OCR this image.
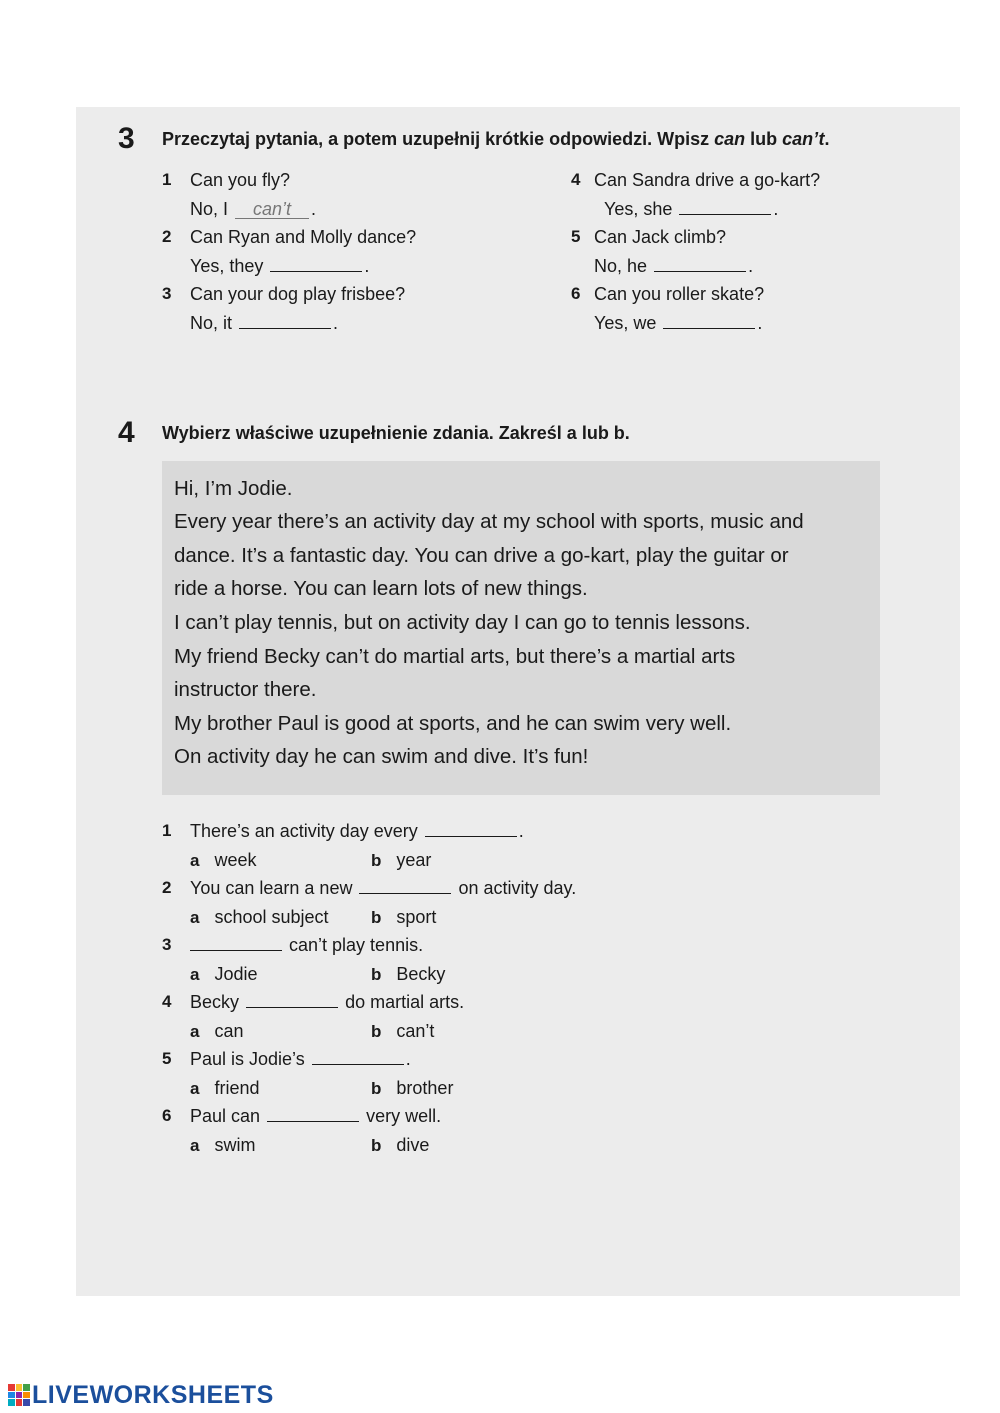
3 Przeczytaj pytania, a potem uzupełnij krótkie odpowiedzi. Wpisz can lub can’t.
1 Can you fly?
No, I can’t .
2 Can Ryan and Molly dance?
Yes, they	.
3 Can your dog play frisbee?
No, it	.
4 Can Sandra drive a go-kart?
Yes, she	.
5 Can Jack climb?
No, he	.
6 Can you roller skate?
Yes, we	.
4 Wybierz właściwe uzupełnienie zdania. Zakreśl a lub b.

Hi, I’m Jodie.

Every year there’s an activity day at my school with sports, music and

dance. It’s a fantastic day. You can drive a go-kart, play the guitar or

ride a horse. You can learn lots of new things.

I can’t play tennis, but on activity day I can go to tennis lessons.

My friend Becky can’t do martial arts, but there’s a martial arts

instructor there.

My brother Paul is good at sports, and he can swim very well.

On activity day he can swim and dive. It’s fun!

1 There’s an activity day every	.
a week	b year
2 You can learn a new	on activity day.
a school subject b sport
3	can’t play tennis.
a Jodie	b Becky
4 Becky	do martial arts.
a can	b can’t
5 Paul is Jodie’s	.
a friend	b brother
6 Paul can	very well.
a swim	b dive
LIVEWORKSHEETS
